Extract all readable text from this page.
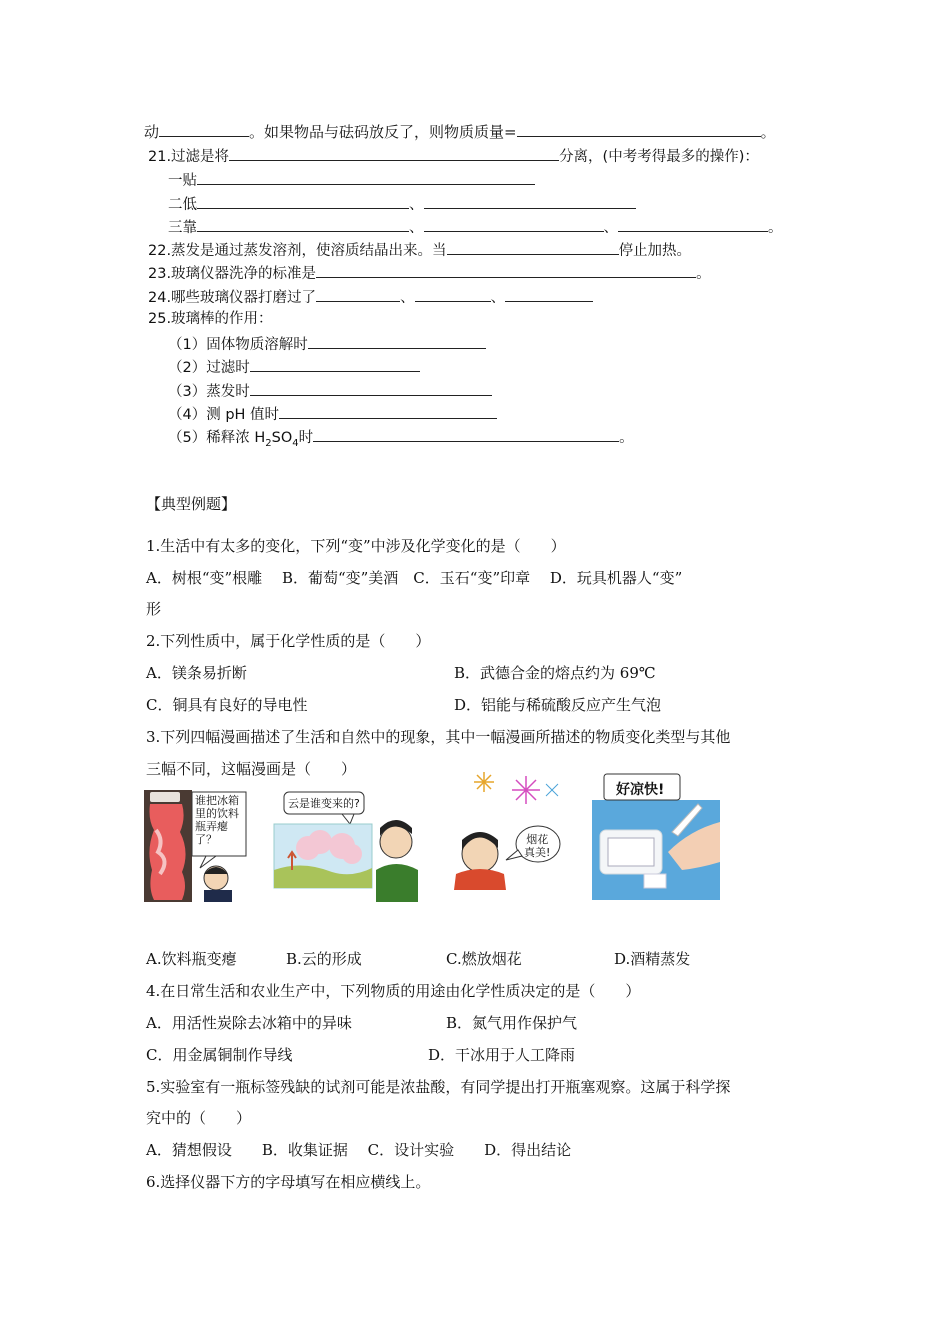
动	。如果物品与砝码放反了，则物质质量=	。
21.过滤是将	分离，(中考考得最多的操作)：
一贴
二低	、
三靠	、	、	。
22.蒸发是通过蒸发溶剂，使溶质结晶出来。当	停止加热。
23.玻璃仪器洗净的标准是	。
24.哪些玻璃仪器打磨过了	、	、
25.玻璃棒的作用：
（1）固体物质溶解时
（2）过滤时
（3）蒸发时
（4）测 pH 值时
（5）稀释浓 $H_2SO_4$时	。
【典型例题】
1.生活中有太多的变化，下列“变”中涉及化学变化的是（　　）
A．树根“变”根雕　 B．葡萄“变”美酒　C．玉石“变”印章　 D．玩具机器人“变”
形
2.下列性质中，属于化学性质的是（　　）
A．镁条易折断	B．武德合金的熔点约为 69℃
C．铜具有良好的导电性	D．铝能与稀硫酸反应产生气泡
3.下列四幅漫画描述了生活和自然中的现象，其中一幅漫画所描述的物质变化类型与其他
三幅不同，这幅漫画是（　　）
谁把冰箱
里的饮料
瓶弄瘪
了？
云是谁变来的?
烟花
真美!
好凉快!
A.饮料瓶变瘪	B.云的形成	C.燃放烟花	D.酒精蒸发
4.在日常生活和农业生产中，下列物质的用途由化学性质决定的是（　　）
A．用活性炭除去冰箱中的异味	B．氮气用作保护气
C．用金属铜制作导线	D．干冰用于人工降雨
5.实验室有一瓶标签残缺的试剂可能是浓盐酸，有同学提出打开瓶塞观察。这属于科学探
究中的（　　）
A．猜想假设　　B．收集证据　 C．设计实验　　D．得出结论
6.选择仪器下方的字母填写在相应横线上。
